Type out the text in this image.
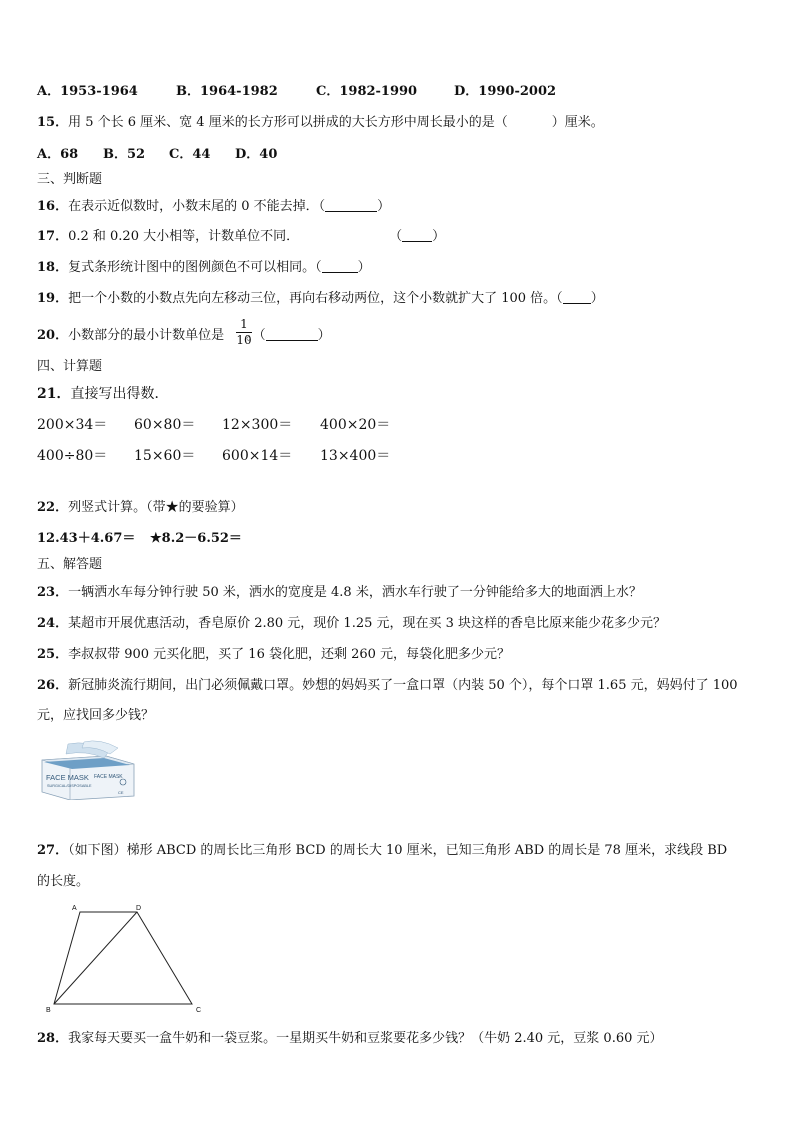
A．1953-1964	B．1964-1982	C．1982-1990	D．1990-2002
15．用 5 个长 6 厘米、宽 4 厘米的长方形可以拼成的大长方形中周长最小的是（	）厘米。
A．68 B．52 C．44 D．40
三、判断题
16．在表示近似数时，小数末尾的 0 不能去掉．（	）
17．0.2 和 0.20 大小相等，计数单位不同．	（ ）
18．复式条形统计图中的图例颜色不可以相同。（	）
19．把一个小数的小数点先向左移动三位，再向右移动两位，这个小数就扩大了 100 倍。（ ）
20．小数部分的最小计数单位是 。（	）
1
10
四、计算题
21．直接写出得数．
200×34＝ 60×80＝ 12×300＝ 400×20＝
400÷80＝ 15×60＝ 600×14＝ 13×400＝
22．列竖式计算。（带★的要验算）
12.43＋4.67＝ ★8.2－6.52＝
五、解答题
23．一辆洒水车每分钟行驶 50 米，洒水的宽度是 4.8 米，洒水车行驶了一分钟能给多大的地面洒上水？
24．某超市开展优惠活动，香皂原价 2.80 元，现价 1.25 元，现在买 3 块这样的香皂比原来能少花多少元？
25．李叔叔带 900 元买化肥，买了 16 袋化肥，还剩 260 元，每袋化肥多少元？
26．新冠肺炎流行期间，出门必须佩戴口罩。妙想的妈妈买了一盒口罩（内装 50 个），每个口罩 1.65 元，妈妈付了 100
元，应找回多少钱？
FACE MASK
SURGICAL/DISPOSABLE
FACE MASK
CE
27．（如下图）梯形 ABCD 的周长比三角形 BCD 的周长大 10 厘米，已知三角形 ABD 的周长是 78 厘米，求线段 BD
的长度。
A	D
B	C
28．我家每天要买一盒牛奶和一袋豆浆。一星期买牛奶和豆浆要花多少钱？（牛奶 2.40 元，豆浆 0.60 元）
